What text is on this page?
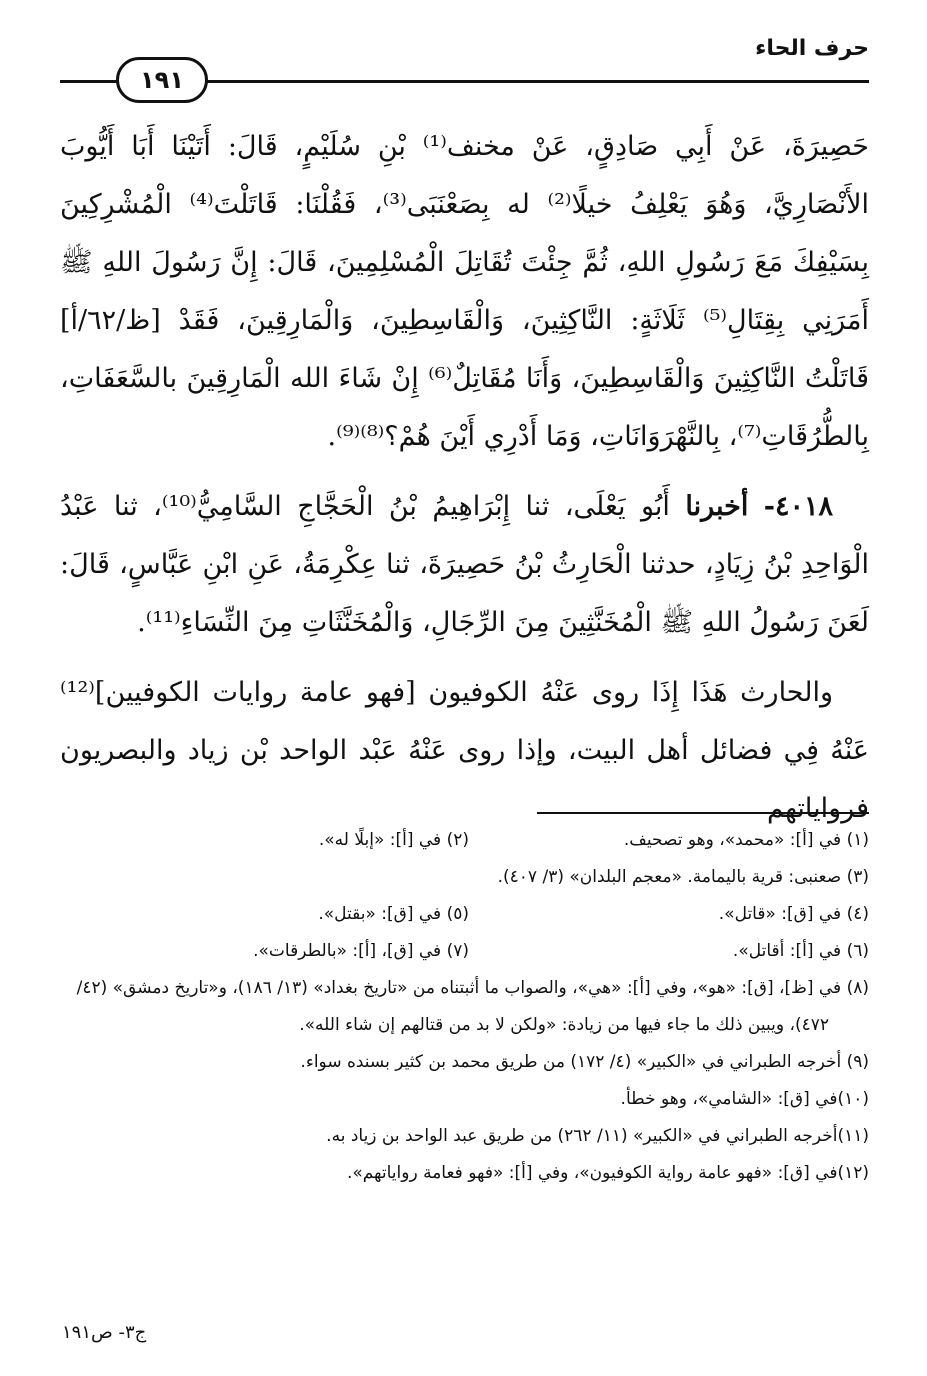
حرف الحاء
١٩١

حَصِيرَةَ، عَنْ أَبِي صَادِقٍ، عَنْ مخنف⁽¹⁾ بْنِ سُلَيْمٍ، قَالَ: أَتَيْنَا أَبَا أَيُّوبَ الأَنْصَارِيَّ، وَهُوَ يَعْلِفُ خيلًا⁽²⁾ له بِصَعْنَبَى⁽³⁾، فَقُلْنَا: قَاتَلْتَ⁽⁴⁾ الْمُشْرِكِينَ بِسَيْفِكَ مَعَ رَسُولِ اللهِ، ثُمَّ جِئْتَ تُقَاتِلَ الْمُسْلِمِينَ، قَالَ: إِنَّ رَسُولَ اللهِ ﷺ أَمَرَنِي بِقِتَالِ⁽⁵⁾ ثَلَاثَةٍ: النَّاكِثِينَ، وَالْقَاسِطِينَ، وَالْمَارِقِينَ، فَقَدْ [ظ/٦٢/أ] قَاتَلْتُ النَّاكِثِينَ وَالْقَاسِطِينَ، وَأَنَا مُقَاتِلٌ⁽⁶⁾ إِنْ شَاءَ الله الْمَارِقِينَ بالسَّعَفَاتِ، بِالطُّرُقَاتِ⁽⁷⁾، بِالنَّهْرَوَانَاتِ، وَمَا أَدْرِي أَيْنَ هُمْ؟⁽⁸⁾⁽⁹⁾.

٤٠١٨- أخبرنا أَبُو يَعْلَى، ثنا إِبْرَاهِيمُ بْنُ الْحَجَّاجِ السَّامِيُّ⁽¹⁰⁾، ثنا عَبْدُ الْوَاحِدِ بْنُ زِيَادٍ، حدثنا الْحَارِثُ بْنُ حَصِيرَةَ، ثنا عِكْرِمَةُ، عَنِ ابْنِ عَبَّاسٍ، قَالَ: لَعَنَ رَسُولُ اللهِ ﷺ الْمُخَنَّثِينَ مِنَ الرِّجَالِ، وَالْمُخَنَّثَاتِ مِنَ النِّسَاءِ⁽¹¹⁾.

والحارث هَذَا إِذَا روى عَنْهُ الكوفيون [فهو عامة روايات الكوفيين]⁽¹²⁾ عَنْهُ فِي فضائل أهل البيت، وإذا روى عَنْهُ عَبْد الواحد بْن زياد والبصريون فرواياتهم

(١) في [أ]: «محمد»، وهو تصحيف.
(٢) في [أ]: «إبلًا له».

(٣) صعنبى: قرية باليمامة. «معجم البلدان» (٣/ ٤٠٧).

(٤) في [ق]: «قاتل».
(٥) في [ق]: «بقتل».
(٦) في [أ]: أقاتل».
(٧) في [ق]، [أ]: «بالطرقات».

(٨) في [ظ]، [ق]: «هو»، وفي [أ]: «هي»، والصواب ما أثبتناه من «تاريخ بغداد» (١٣/ ١٨٦)، و«تاريخ دمشق» (٤٢/ ٤٧٢)، ويبين ذلك ما جاء فيها من زيادة: «ولكن لا بد من قتالهم إن شاء الله».

(٩) أخرجه الطبراني في «الكبير» (٤/ ١٧٢) من طريق محمد بن كثير بسنده سواء.

(١٠)في [ق]: «الشامي»، وهو خطأ.

(١١)أخرجه الطبراني في «الكبير» (١١/ ٢٦٢) من طريق عبد الواحد بن زياد به.

(١٢)في [ق]: «فهو عامة رواية الكوفيون»، وفي [أ]: «فهو فعامة رواياتهم».

ج٣- ص١٩١
